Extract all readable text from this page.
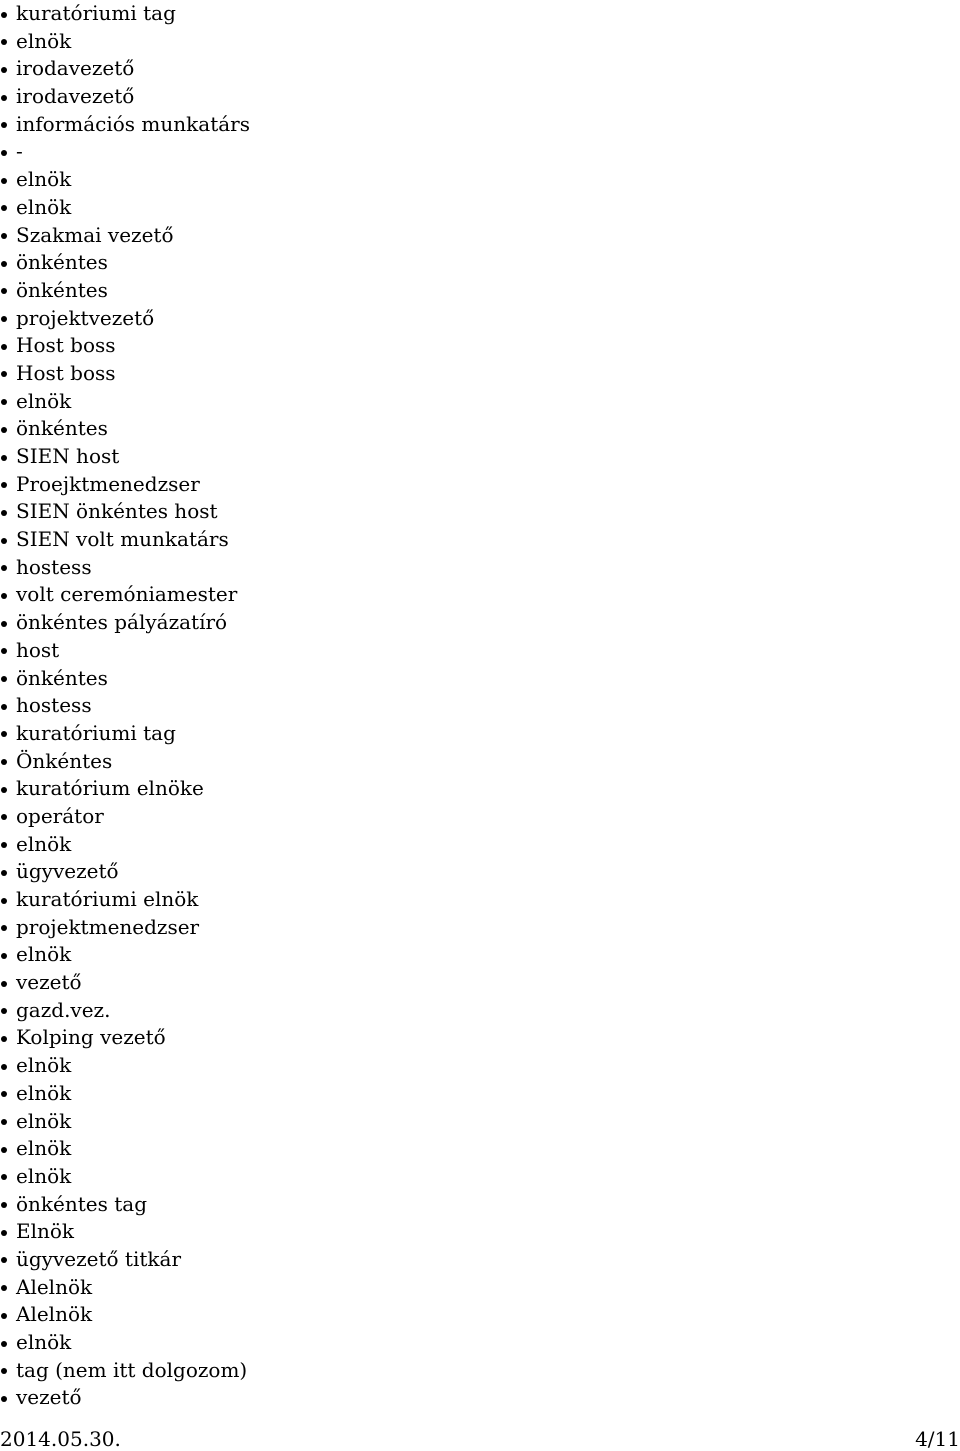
kuratóriumi tag
elnök
irodavezető
irodavezető
információs munkatárs
-
elnök
elnök
Szakmai vezető
önkéntes
önkéntes
projektvezető
Host boss
Host boss
elnök
önkéntes
SIEN host
Proejktmenedzser
SIEN önkéntes host
SIEN volt munkatárs
hostess
volt ceremóniamester
önkéntes pályázatíró
host
önkéntes
hostess
kuratóriumi tag
Önkéntes
kuratórium elnöke
operátor
elnök
ügyvezető
kuratóriumi elnök
projektmenedzser
elnök
vezető
gazd.vez.
Kolping vezető
elnök
elnök
elnök
elnök
elnök
önkéntes tag
Elnök
ügyvezető titkár
Alelnök
Alelnök
elnök
tag (nem itt dolgozom)
vezető
2014.05.30.	4/11
